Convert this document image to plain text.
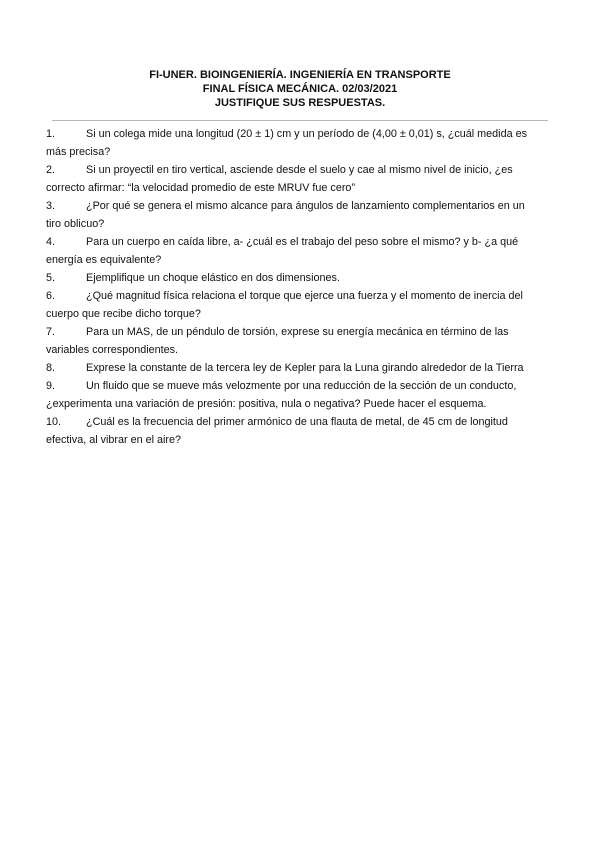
FI-UNER. BIOINGENIERÍA. INGENIERÍA EN TRANSPORTE
FINAL FÍSICA MECÁNICA. 02/03/2021
JUSTIFIQUE SUS RESPUESTAS.
1.	Si un colega mide una longitud (20 ± 1) cm y un período de (4,00 ± 0,01) s, ¿cuál medida es
más precisa?
2.	Si un proyectil en tiro vertical, asciende desde el suelo y cae al mismo nivel de inicio, ¿es
correcto afirmar: “la velocidad promedio de este MRUV fue cero”
3.	¿Por qué se genera el mismo alcance para ángulos de lanzamiento complementarios en un
tiro oblicuo?
4.	Para un cuerpo en caída libre, a- ¿cuál es el trabajo del peso sobre el mismo? y b- ¿a qué
energía es equivalente?
5.	Ejemplifique un choque elástico en dos dimensiones.
6.	¿Qué magnitud física relaciona el torque que ejerce una fuerza y el momento de inercia del
cuerpo que recibe dicho torque?
7.	Para un MAS, de un péndulo de torsión, exprese su energía mecánica en término de las
variables correspondientes.
8.	Exprese la constante de la tercera ley de Kepler para la Luna girando alrededor de la Tierra
9.	Un fluido que se mueve más velozmente por una reducción de la sección de un conducto,
¿experimenta una variación de presión: positiva, nula o negativa? Puede hacer el esquema.
10. ¿Cuál es la frecuencia del primer armónico de una flauta de metal, de 45 cm de longitud
efectiva, al vibrar en el aire?
